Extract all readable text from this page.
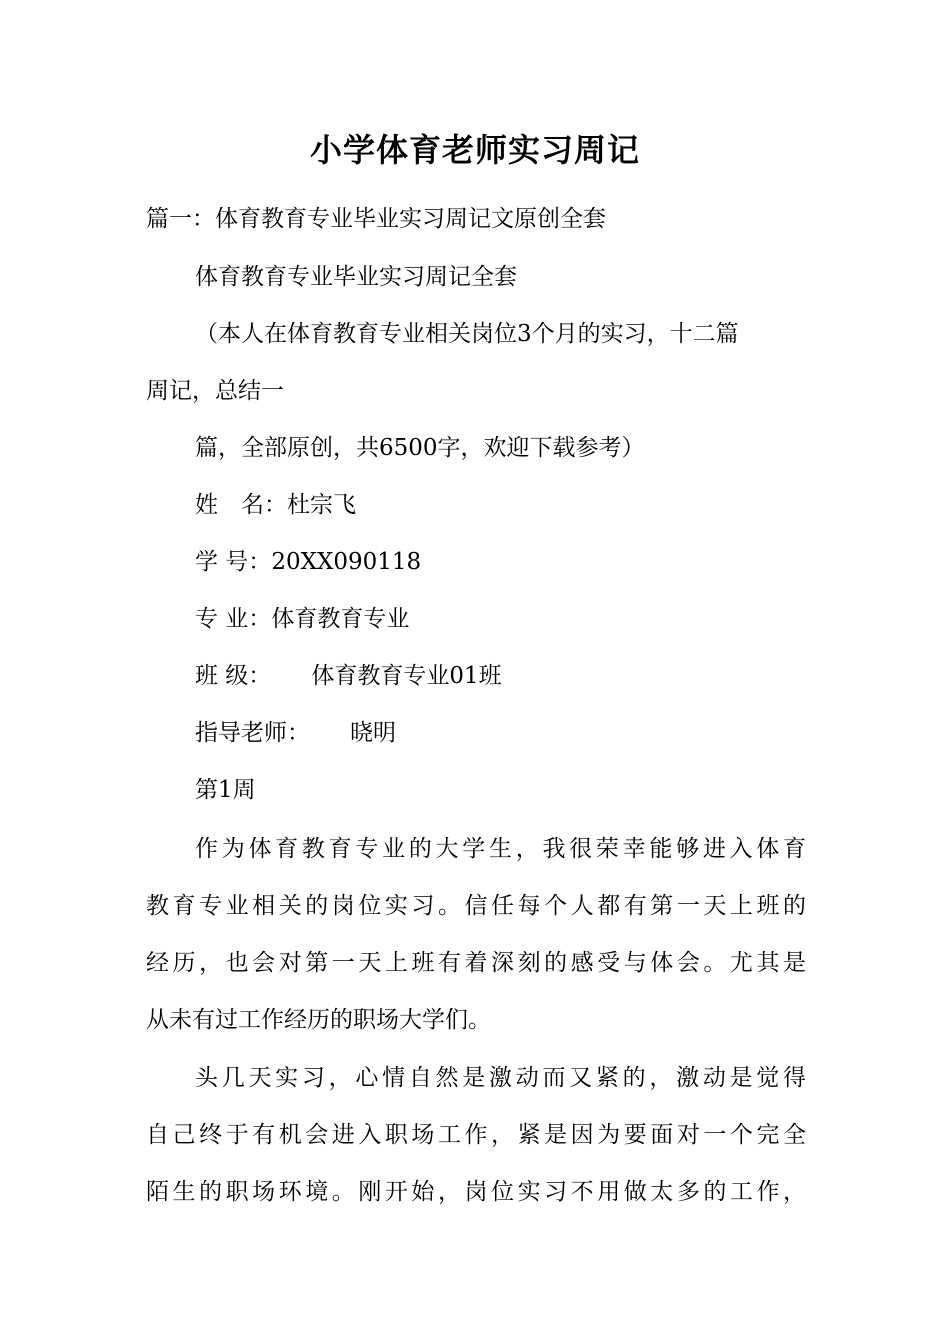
小学体育老师实习周记
篇一：体育教育专业毕业实习周记文原创全套
体育教育专业毕业实习周记全套
（本人在体育教育专业相关岗位3个月的实习，十二篇
周记，总结一
篇，全部原创，共6500字，欢迎下载参考）
姓　名：杜宗飞
学 号：20XX090118
专 业：体育教育专业
班 级： 体育教育专业01班
指导老师： 晓明
第1周
作为体育教育专业的大学生，我很荣幸能够进入体育
教育专业相关的岗位实习。信任每个人都有第一天上班的
经历，也会对第一天上班有着深刻的感受与体会。尤其是
从未有过工作经历的职场大学们。
头几天实习，心情自然是激动而又紧的，激动是觉得
自己终于有机会进入职场工作，紧是因为要面对一个完全
陌生的职场环境。刚开始，岗位实习不用做太多的工作，
